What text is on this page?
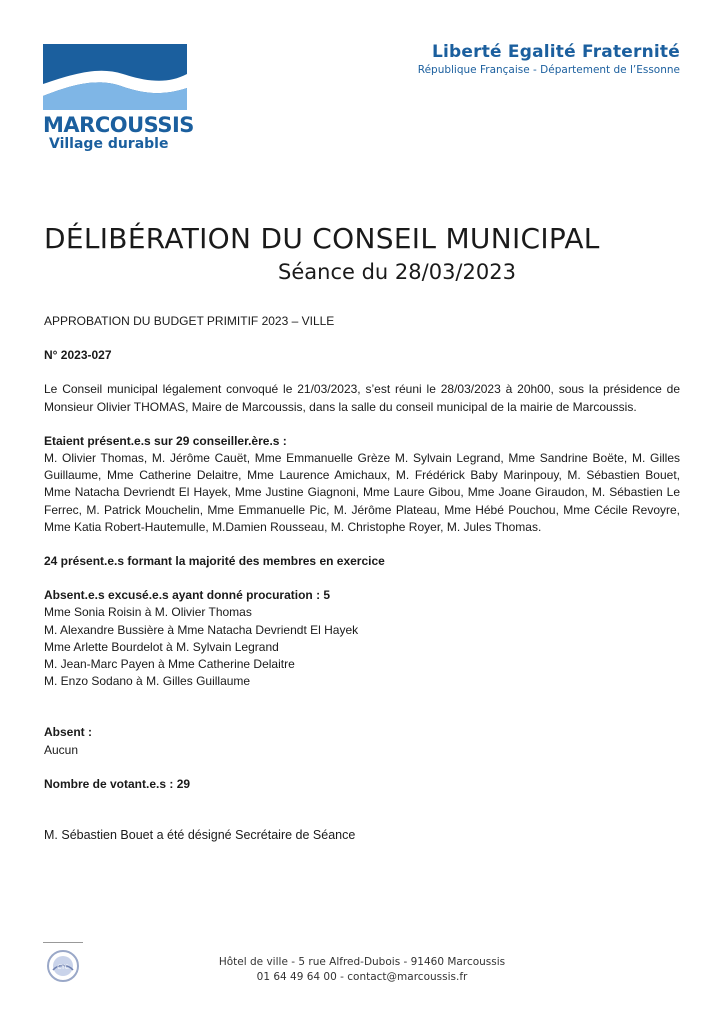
MARCOUSSIS
Village durable
Liberté Egalité Fraternité
République Française - Département de l’Essonne
DÉLIBÉRATION DU CONSEIL MUNICIPAL
Séance du 28/03/2023

APPROBATION DU BUDGET PRIMITIF 2023 – VILLE

N° 2023-027

Le Conseil municipal légalement convoqué le 21/03/2023, s’est réuni le 28/03/2023 à 20h00, sous la présidence de Monsieur Olivier THOMAS, Maire de Marcoussis, dans la salle du conseil municipal de la mairie de Marcoussis.

Etaient présent.e.s sur 29 conseiller.ère.s :

M. Olivier Thomas, M. Jérôme Cauët, Mme Emmanuelle Grèze M. Sylvain Legrand, Mme Sandrine Boëte, M. Gilles Guillaume, Mme Catherine Delaitre, Mme Laurence Amichaux, M. Frédérick Baby Marinpouy, M. Sébastien Bouet, Mme Natacha Devriendt El Hayek, Mme Justine Giagnoni, Mme Laure Gibou, Mme Joane Giraudon, M. Sébastien Le Ferrec, M. Patrick Mouchelin, Mme Emmanuelle Pic, M. Jérôme Plateau, Mme Hébé Pouchou, Mme Cécile Revoyre, Mme Katia Robert-Hautemulle, M.Damien Rousseau, M. Christophe Royer, M. Jules Thomas.

24 présent.e.s formant la majorité des membres en exercice

Absent.e.s excusé.e.s ayant donné procuration : 5

Mme Sonia Roisin à M. Olivier Thomas

M. Alexandre Bussière à Mme Natacha Devriendt El Hayek

Mme Arlette Bourdelot à M. Sylvain Legrand

M. Jean-Marc Payen à Mme Catherine Delaitre

M. Enzo Sodano à M. Gilles Guillaume

Absent :

Aucun

Nombre de votant.e.s : 29

M. Sébastien Bouet a été désigné Secrétaire de Séance

CYC	Hôtel de ville - 5 rue Alfred-Dubois - 91460 Marcoussis
01 64 49 64 00 - contact@marcoussis.fr
